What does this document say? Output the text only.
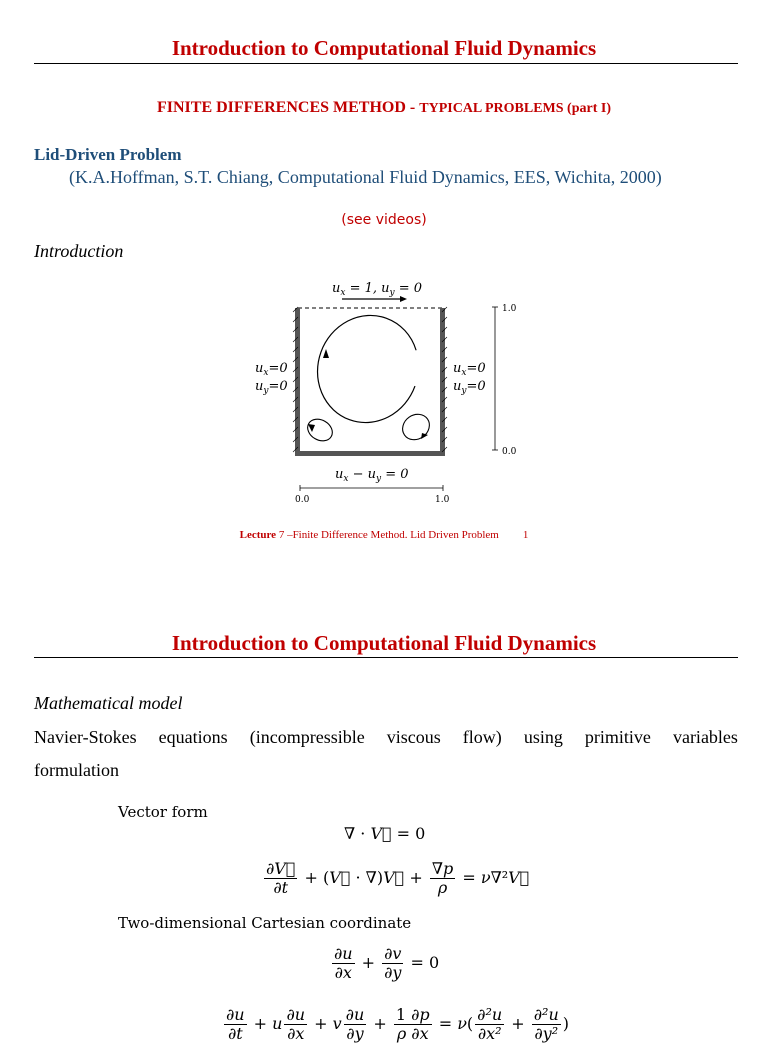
Introduction to Computational Fluid Dynamics
FINITE DIFFERENCES METHOD - TYPICAL PROBLEMS (part I)
Lid-Driven Problem
(K.A.Hoffman, S.T. Chiang, Computational Fluid Dynamics, EES, Wichita, 2000)
(see videos)
Introduction
$u_x = 1$, $u_y = 0$
$u_x=0$
$u_y=0$
$u_x=0$
$u_y=0$
$u_x - u_y = 0$
0.0	1.0
1.0
0.0
Lecture 7 –Finite Difference Method. Lid Driven Problem 1
Introduction to Computational Fluid Dynamics
Mathematical model
Navier-Stokes equations (incompressible viscous flow) using primitive variables
formulation
Vector form
∇ · V⃗ = 0
$\frac{\partial V⃗}{\partial t}$ + (V⃗ · ∇)V⃗ + $\frac{\nabla p}{\rho}$ = ν∇²V⃗
Two-dimensional Cartesian coordinate
$\frac{\partial u}{\partial x} + \frac{\partial v}{\partial y} = 0$
$\frac{\partial u}{\partial t} + u \frac{\partial u}{\partial x} + v \frac{\partial u}{\partial y} + \frac{1 \partial p}{\rho \partial x} = \nu( \frac{\text{∂²u}}{\text{∂x²}} + \frac{\text{∂²u}}{\text{∂y²}}$ )
